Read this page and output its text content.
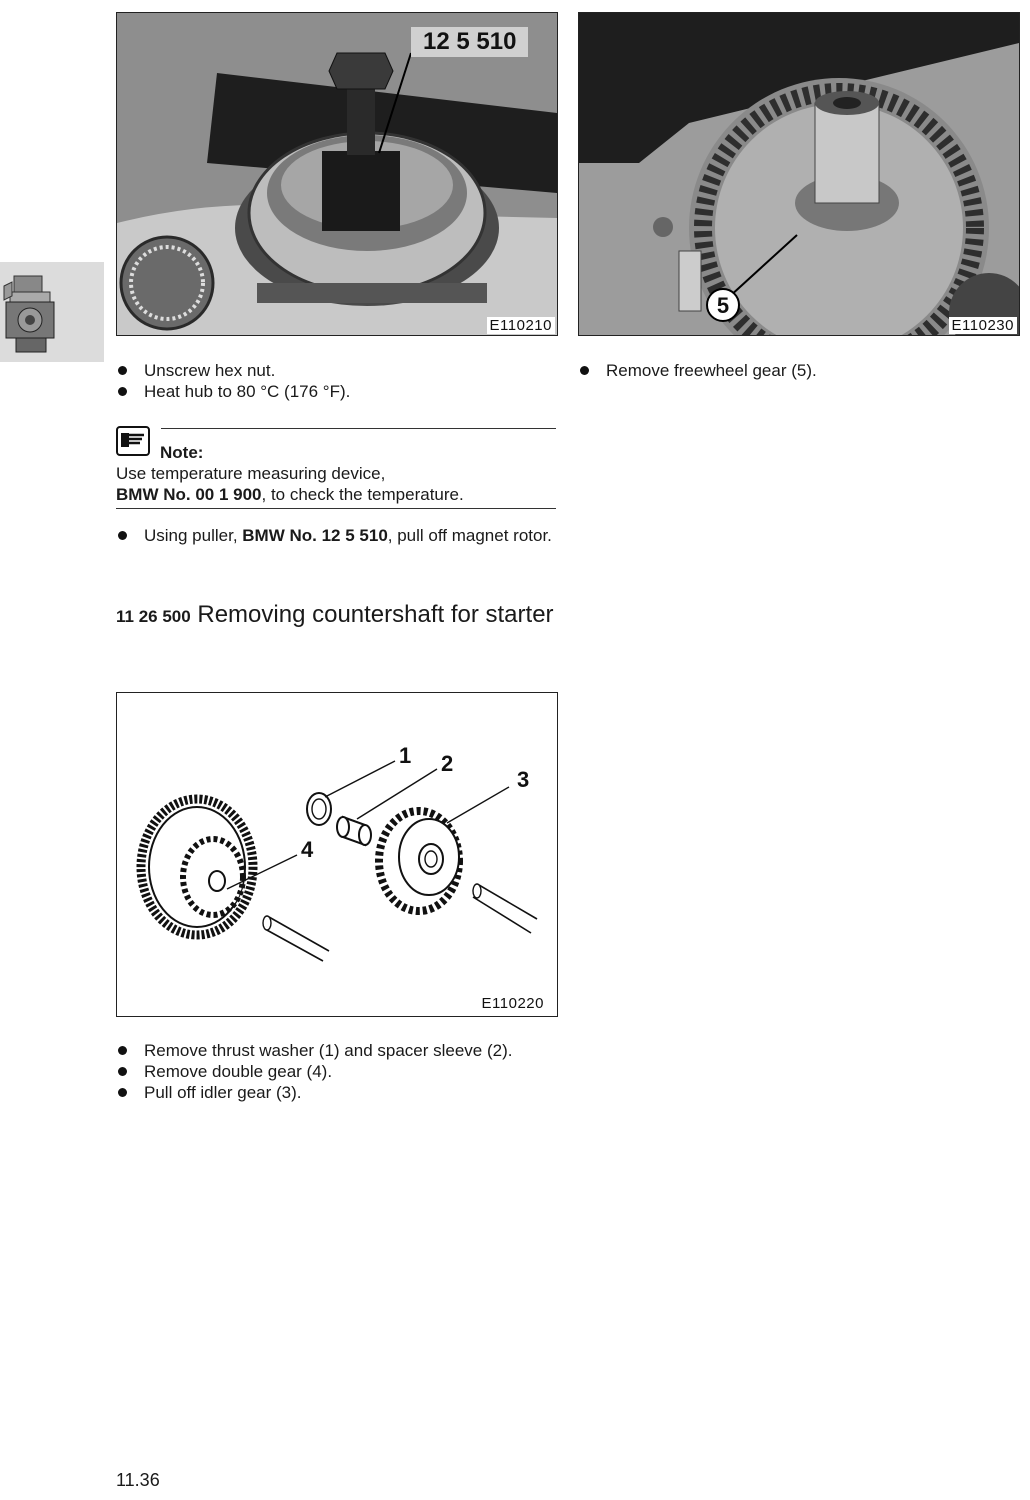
12 5 510
E110210
5
E110230
Unscrew hex nut.
Heat hub to 80 °C (176 °F).
Remove freewheel gear (5).
Note:
Use temperature measuring device,
BMW No. 00 1 900, to check the temperature.
Using puller, BMW No. 12 5 510, pull off magnet rotor.
11 26 500 Removing countershaft for starter
1 2
3
4
E110220
Remove thrust washer (1) and spacer sleeve (2).
Remove double gear (4).
Pull off idler gear (3).
11.36
